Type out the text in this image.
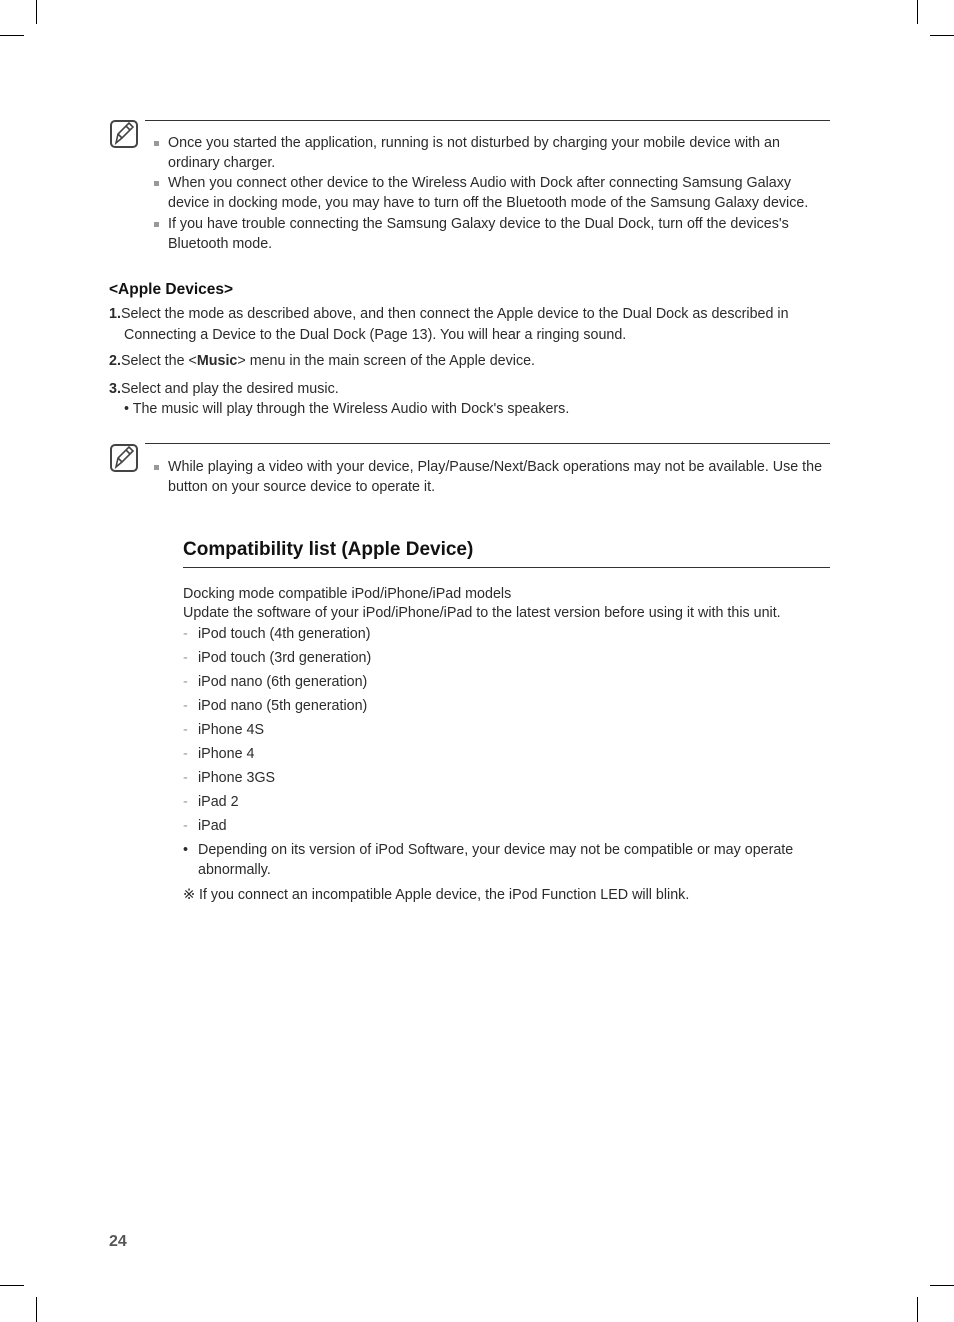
Once you started the application, running is not disturbed by charging your mobile device with an ordinary charger.
When you connect other device to the Wireless Audio with Dock after connecting Samsung Galaxy device in docking mode, you may have to turn off the Bluetooth mode of the Samsung Galaxy device.
If you have trouble connecting the Samsung Galaxy device to the Dual Dock, turn off the devices's Bluetooth mode.
<Apple Devices>
1.Select the mode as described above, and then connect the Apple device to the Dual Dock as described in Connecting a Device to the Dual Dock (Page 13). You will hear a ringing sound.
2.Select the <Music> menu in the main screen of the Apple device.
3.Select and play the desired music.
• The music will play through the Wireless Audio with Dock's speakers.
While playing a video with your device, Play/Pause/Next/Back operations may not be available. Use the button on your source device to operate it.
Compatibility list (Apple Device)
Docking mode compatible iPod/iPhone/iPad models
Update the software of your iPod/iPhone/iPad to the latest version before using it with this unit.
- iPod touch (4th generation)
- iPod touch (3rd generation)
- iPod nano (6th generation)
- iPod nano (5th generation)
- iPhone 4S
- iPhone 4
- iPhone 3GS
- iPad 2
- iPad
• Depending on its version of iPod Software, your device may not be compatible or may operate abnormally.
※ If you connect an incompatible Apple device, the iPod Function LED will blink.
24
